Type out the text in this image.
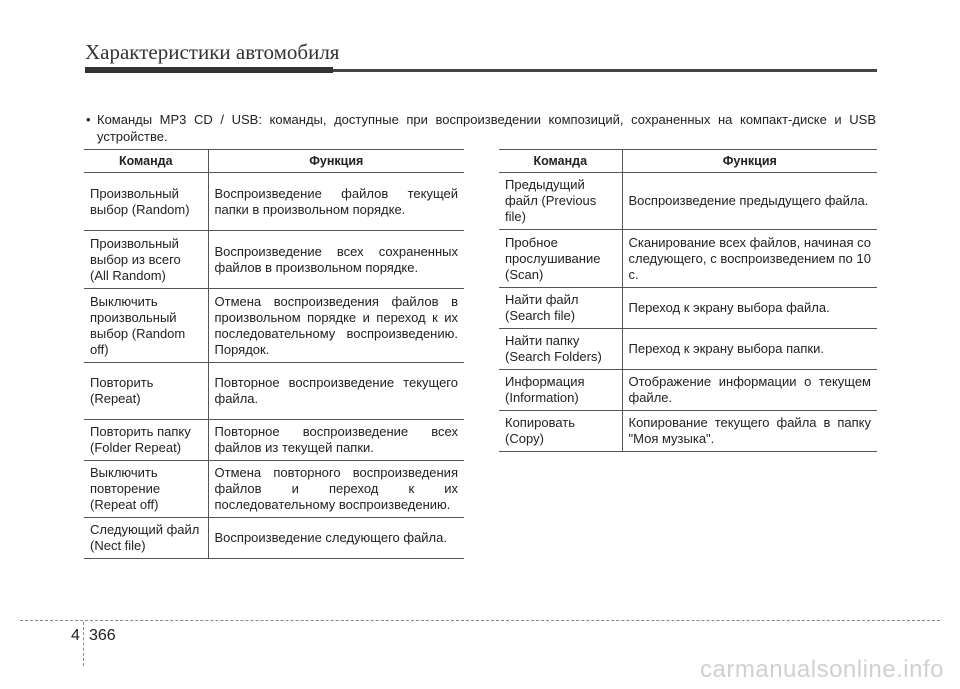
Характеристики автомобиля
• Команды MP3 CD / USB: команды, доступные при воспроизведении композиций, сохраненных на компакт-диске и USB устройстве.
Команда	Функция
Произвольный выбор (Random)	Воспроизведение файлов текущей папки в произвольном порядке.
Произвольный выбор из всего (All Random)	Воспроизведение всех сохраненных файлов в произвольном порядке.
Выключить произвольный выбор (Random off)	Отмена воспроизведения файлов в произвольном порядке и переход к их последовательному воспроизведению. Порядок.
Повторить (Repeat)	Повторное воспроизведение текущего файла.
Повторить папку (Folder Repeat)	Повторное воспроизведение всех файлов из текущей папки.
Выключить повторение (Repeat off)	Отмена повторного воспроизведения файлов и переход к их последовательному воспроизведению.
Следующий файл (Nect file)	Воспроизведение следующего файла.
Команда	Функция
Предыдущий файл (Previous file)	Воспроизведение предыдущего файла.
Пробное прослушивание (Scan)	Сканирование всех файлов, начиная со следующего, с воспроизведением по 10 с.
Найти файл (Search file)	Переход к экрану выбора файла.
Найти папку (Search Folders)	Переход к экрану выбора папки.
Информация (Information)	Отображение информации о текущем файле.
Копировать (Copy)	Копирование текущего файла в папку "Моя музыка".
4 366
carmanualsonline.info
